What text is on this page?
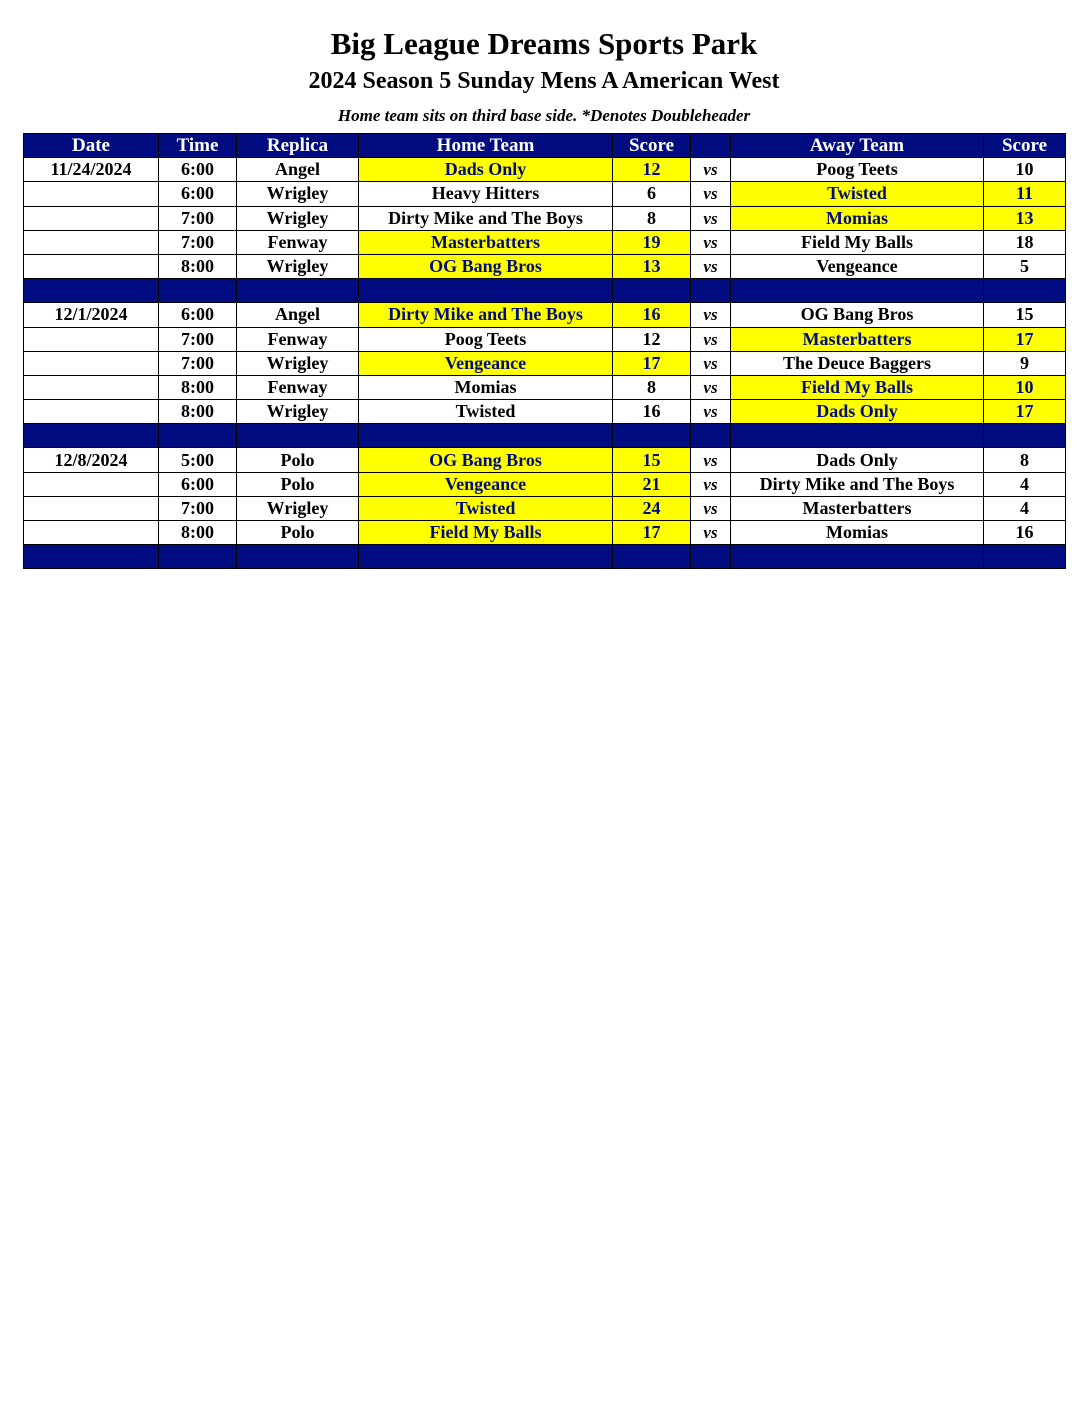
Big League Dreams Sports Park
2024 Season 5 Sunday Mens A American West
Home team sits on third base side. *Denotes Doubleheader
Date	Time	Replica	Home Team	Score		Away Team	Score
11/24/2024	6:00	Angel	Dads Only	12	vs	Poog Teets	10
	6:00	Wrigley	Heavy Hitters	6	vs	Twisted	11
	7:00	Wrigley	Dirty Mike and The Boys	8	vs	Momias	13
	7:00	Fenway	Masterbatters	19	vs	Field My Balls	18
	8:00	Wrigley	OG Bang Bros	13	vs	Vengeance	5

12/1/2024	6:00	Angel	Dirty Mike and The Boys	16	vs	OG Bang Bros	15
	7:00	Fenway	Poog Teets	12	vs	Masterbatters	17
	7:00	Wrigley	Vengeance	17	vs	The Deuce Baggers	9
	8:00	Fenway	Momias	8	vs	Field My Balls	10
	8:00	Wrigley	Twisted	16	vs	Dads Only	17

12/8/2024	5:00	Polo	OG Bang Bros	15	vs	Dads Only	8
	6:00	Polo	Vengeance	21	vs	Dirty Mike and The Boys	4
	7:00	Wrigley	Twisted	24	vs	Masterbatters	4
	8:00	Polo	Field My Balls	17	vs	Momias	16
